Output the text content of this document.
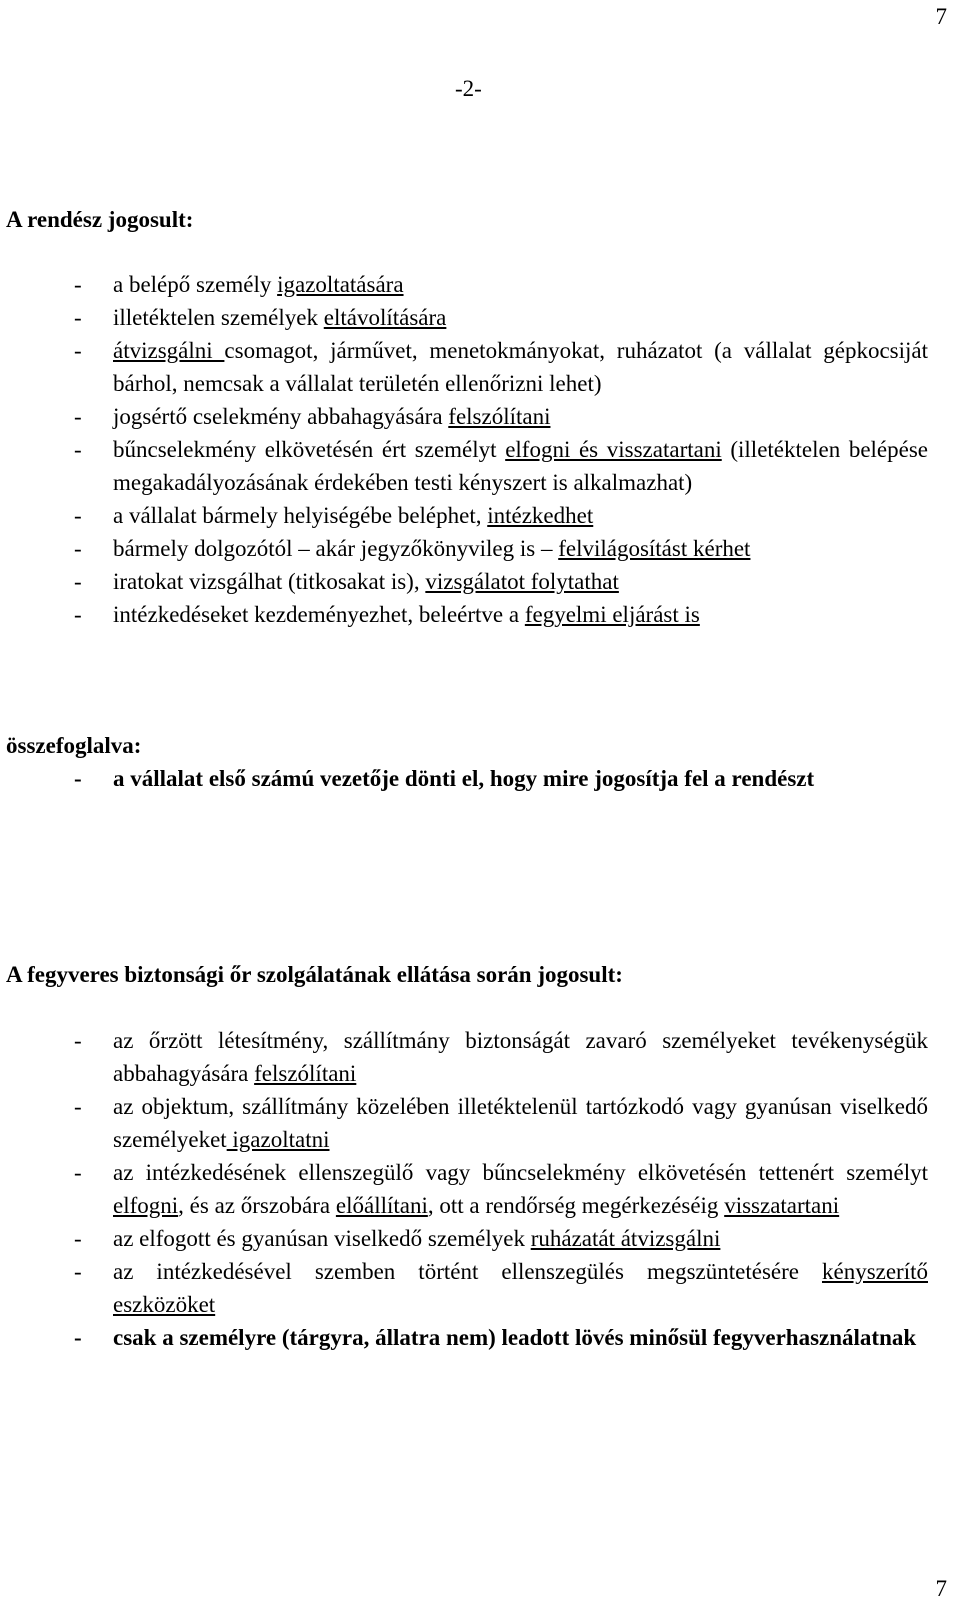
7
-2-
A rendész jogosult:
- a belépő személy igazoltatására
- illetéktelen személyek eltávolítására
- átvizsgálni csomagot, járművet, menetokmányokat, ruházatot (a vállalat gépkocsiját bárhol, nemcsak a vállalat területén ellenőrizni lehet)
- jogsértő cselekmény abbahagyására felszólítani
- bűncselekmény elkövetésén ért személyt elfogni és visszatartani (illetéktelen belépése megakadályozásának érdekében testi kényszert is alkalmazhat)
- a vállalat bármely helyiségébe beléphet, intézkedhet
- bármely dolgozótól – akár jegyzőkönyvileg is – felvilágosítást kérhet
- iratokat vizsgálhat (titkosakat is), vizsgálatot folytathat
- intézkedéseket kezdeményezhet, beleértve a fegyelmi eljárást is
összefoglalva:
- a vállalat első számú vezetője dönti el, hogy mire jogosítja fel a rendészt
A fegyveres biztonsági őr szolgálatának ellátása során jogosult:
- az őrzött létesítmény, szállítmány biztonságát zavaró személyeket tevékenységük abbahagyására felszólítani
- az objektum, szállítmány közelében illetéktelenül tartózkodó vagy gyanúsan viselkedő személyeket igazoltatni
- az intézkedésének ellenszegülő vagy bűncselekmény elkövetésén tettenért személyt elfogni, és az őrszobára előállítani, ott a rendőrség megérkezéséig visszatartani
- az elfogott és gyanúsan viselkedő személyek ruházatát átvizsgálni
- az intézkedésével szemben történt ellenszegülés megszüntetésére kényszerítő eszközöket
- csak a személyre (tárgyra, állatra nem) leadott lövés minősül fegyverhasználatnak
7
